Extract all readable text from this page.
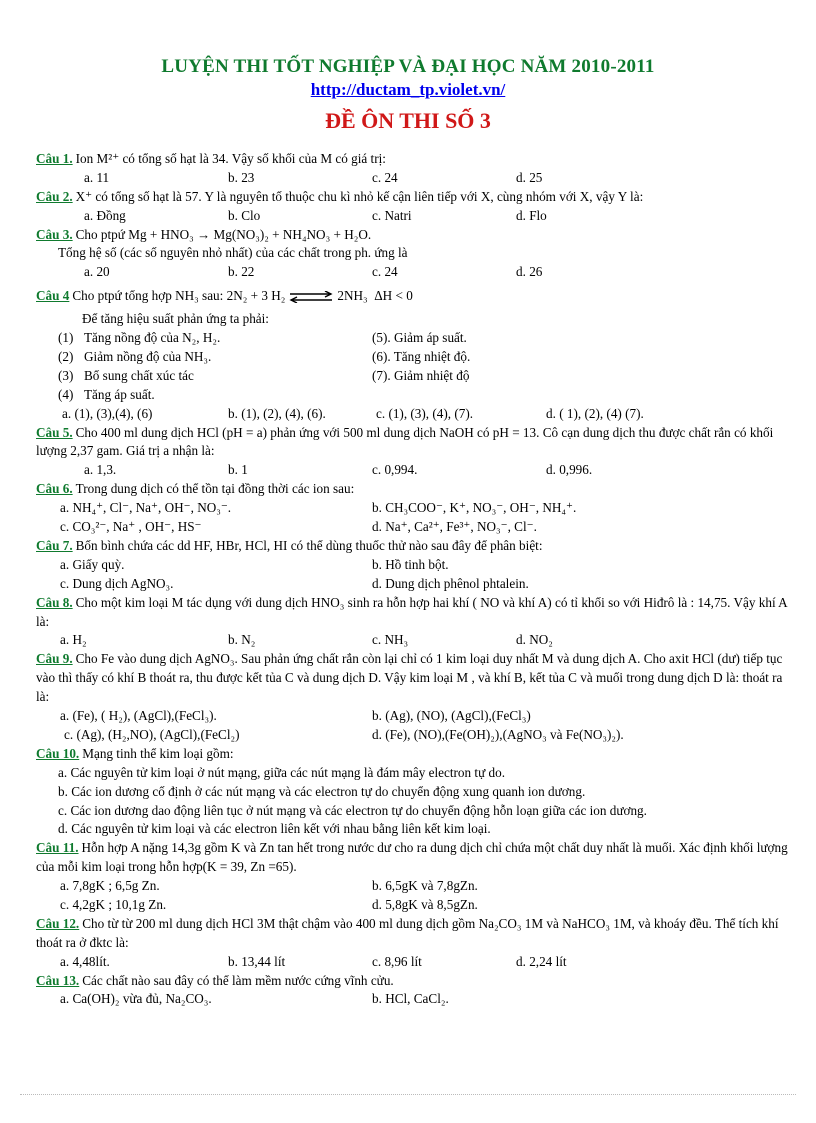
LUYỆN THI TỐT NGHIỆP VÀ ĐẠI HỌC NĂM 2010-2011
http://ductam_tp.violet.vn/
ĐỀ ÔN THI SỐ 3
Câu 1. Ion M²⁺ có tổng số hạt là 34. Vậy số khối của M có giá trị:
a. 11	b. 23	c. 24	d. 25
Câu 2. X⁺ có tổng số hạt là 57. Y là nguyên tố thuộc chu kì nhỏ kế cận liên tiếp với X, cùng nhóm với X, vậy Y là:
a. Đồng	b. Clo	c. Natri	d. Flo
Câu 3. Cho ptpứ Mg + HNO₃ → Mg(NO₃)₂ + NH₄NO₃ + H₂O.
Tổng hệ số (các số nguyên nhỏ nhất) của các chất trong ph. ứng là
a. 20	b. 22	c. 24	d. 26
Câu 4 Cho ptpứ tổng hợp NH₃ sau: 2N₂ + 3 H₂ ⇌ 2NH₃ ΔH < 0
Để tăng hiệu suất phản ứng ta phải:
(1) Tăng nồng độ của N₂, H₂.	(5). Giảm áp suất.
(2) Giảm nồng độ của NH₃.	(6). Tăng nhiệt độ.
(3) Bổ sung chất xúc tác	(7). Giảm nhiệt độ
(4) Tăng áp suất.
a. (1), (3),(4), (6)	b. (1), (2), (4), (6).	c. (1), (3), (4), (7).	d. ( 1), (2), (4) (7).
Câu 5. Cho 400 ml dung dịch HCl (pH = a) phản ứng với 500 ml dung dịch NaOH có pH = 13. Cô cạn dung dịch thu được chất rắn có khối lượng 2,37 gam. Giá trị a nhận là:
a. 1,3.	b. 1	c. 0,994.	d. 0,996.
Câu 6. Trong dung dịch có thể tồn tại đồng thời các ion sau:
a. NH₄⁺, Cl⁻, Na⁺, OH⁻, NO₃⁻.	b. CH₃COO⁻, K⁺, NO₃⁻, OH⁻, NH₄⁺.
c. CO₃²⁻, Na⁺ , OH⁻, HS⁻	d. Na⁺, Ca²⁺, Fe³⁺, NO₃⁻, Cl⁻.
Câu 7. Bốn bình chứa các dd HF, HBr, HCl, HI có thể dùng thuốc thử nào sau đây để phân biệt:
a. Giấy quỳ.	b. Hồ tinh bột.
c. Dung dịch AgNO₃.	d. Dung dịch phênol phtalein.
Câu 8. Cho một kim loại M tác dụng với dung dịch HNO₃ sinh ra hỗn hợp hai khí ( NO và khí A) có tỉ khối so với Hiđrô là : 14,75. Vậy khí A là:
a. H₂	b. N₂	c. NH₃	d. NO₂
Câu 9. Cho Fe vào dung dịch AgNO₃. Sau phản ứng chất rắn còn lại chỉ có 1 kim loại duy nhất M và dung dịch A. Cho axit HCl (dư) tiếp tục vào thì thấy có khí B thoát ra, thu được kết tủa C và dung dịch D. Vậy kim loại M , và khí B, kết tủa C và muối trong dung dịch D là: thoát ra là:
a. (Fe), ( H₂), (AgCl),(FeCl₃).	b. (Ag), (NO), (AgCl),(FeCl₃)
c. (Ag), (H₂,NO), (AgCl),(FeCl₂)	d. (Fe), (NO),(Fe(OH)₂),(AgNO₃ và Fe(NO₃)₂).
Câu 10. Mạng tinh thể kim loại gồm:
a. Các nguyên tử kim loại ở nút mạng, giữa các nút mạng là đám mây electron tự do.
b. Các ion dương cố định ở các nút mạng và các electron tự do chuyển động xung quanh ion dương.
c. Các ion dương dao động liên tục ở nút mạng và các electron tự do chuyển động hỗn loạn giữa các ion dương.
d. Các nguyên tử kim loại và các electron liên kết với nhau bằng liên kết kim loại.
Câu 11. Hỗn hợp A nặng 14,3g gồm K và Zn tan hết trong nước dư cho ra dung dịch chỉ chứa một chất duy nhất là muối. Xác định khối lượng của mỗi kim loại trong hỗn hợp(K = 39, Zn =65).
a. 7,8gK ; 6,5g Zn.	b. 6,5gK và 7,8gZn.
c. 4,2gK ; 10,1g Zn.	d. 5,8gK và 8,5gZn.
Câu 12. Cho từ từ 200 ml dung dịch HCl 3M thật chậm vào 400 ml dung dịch gồm Na₂CO₃ 1M và NaHCO₃ 1M, và khoáy đều. Thể tích khí thoát ra ở đktc là:
a. 4,48lít.	b. 13,44 lít	c. 8,96 lít	d. 2,24 lít
Câu 13. Các chất nào sau đây có thể làm mềm nước cứng vĩnh cửu.
a. Ca(OH)₂ vừa đủ, Na₂CO₃.	b. HCl, CaCl₂.
